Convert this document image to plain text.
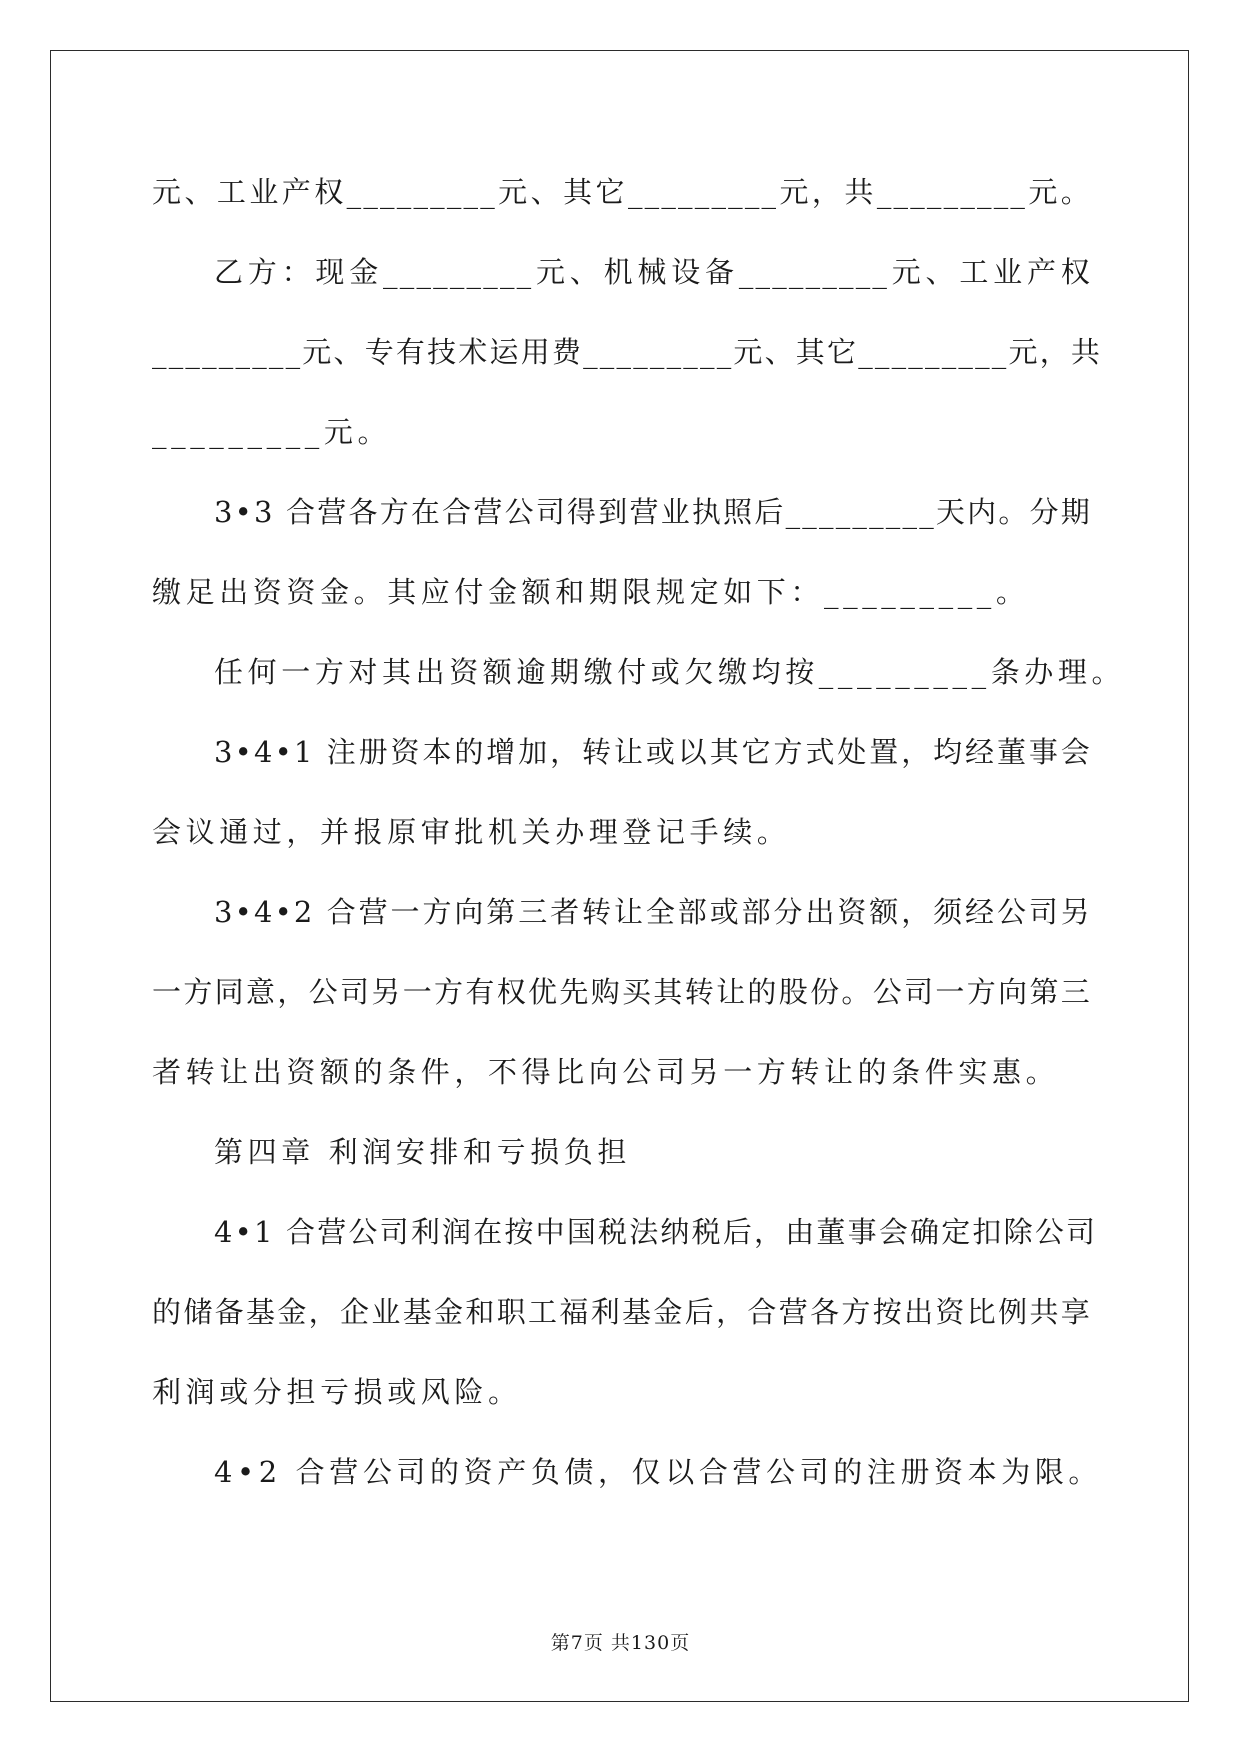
元、工业产权_________元、其它_________元，共_________元。

乙方：现金_________元、机械设备_________元、工业产权

_________元、专有技术运用费_________元、其它_________元，共

_________元。

3•3 合营各方在合营公司得到营业执照后_________天内。分期

缴足出资资金。其应付金额和期限规定如下：_________。

任何一方对其出资额逾期缴付或欠缴均按_________条办理。

3•4•1 注册资本的增加，转让或以其它方式处置，均经董事会

会议通过，并报原审批机关办理登记手续。

3•4•2 合营一方向第三者转让全部或部分出资额，须经公司另

一方同意，公司另一方有权优先购买其转让的股份。公司一方向第三

者转让出资额的条件，不得比向公司另一方转让的条件实惠。

第四章 利润安排和亏损负担

4•1 合营公司利润在按中国税法纳税后，由董事会确定扣除公司

的储备基金，企业基金和职工福利基金后，合营各方按出资比例共享

利润或分担亏损或风险。

4•2 合营公司的资产负债，仅以合营公司的注册资本为限。

第7页 共130页
